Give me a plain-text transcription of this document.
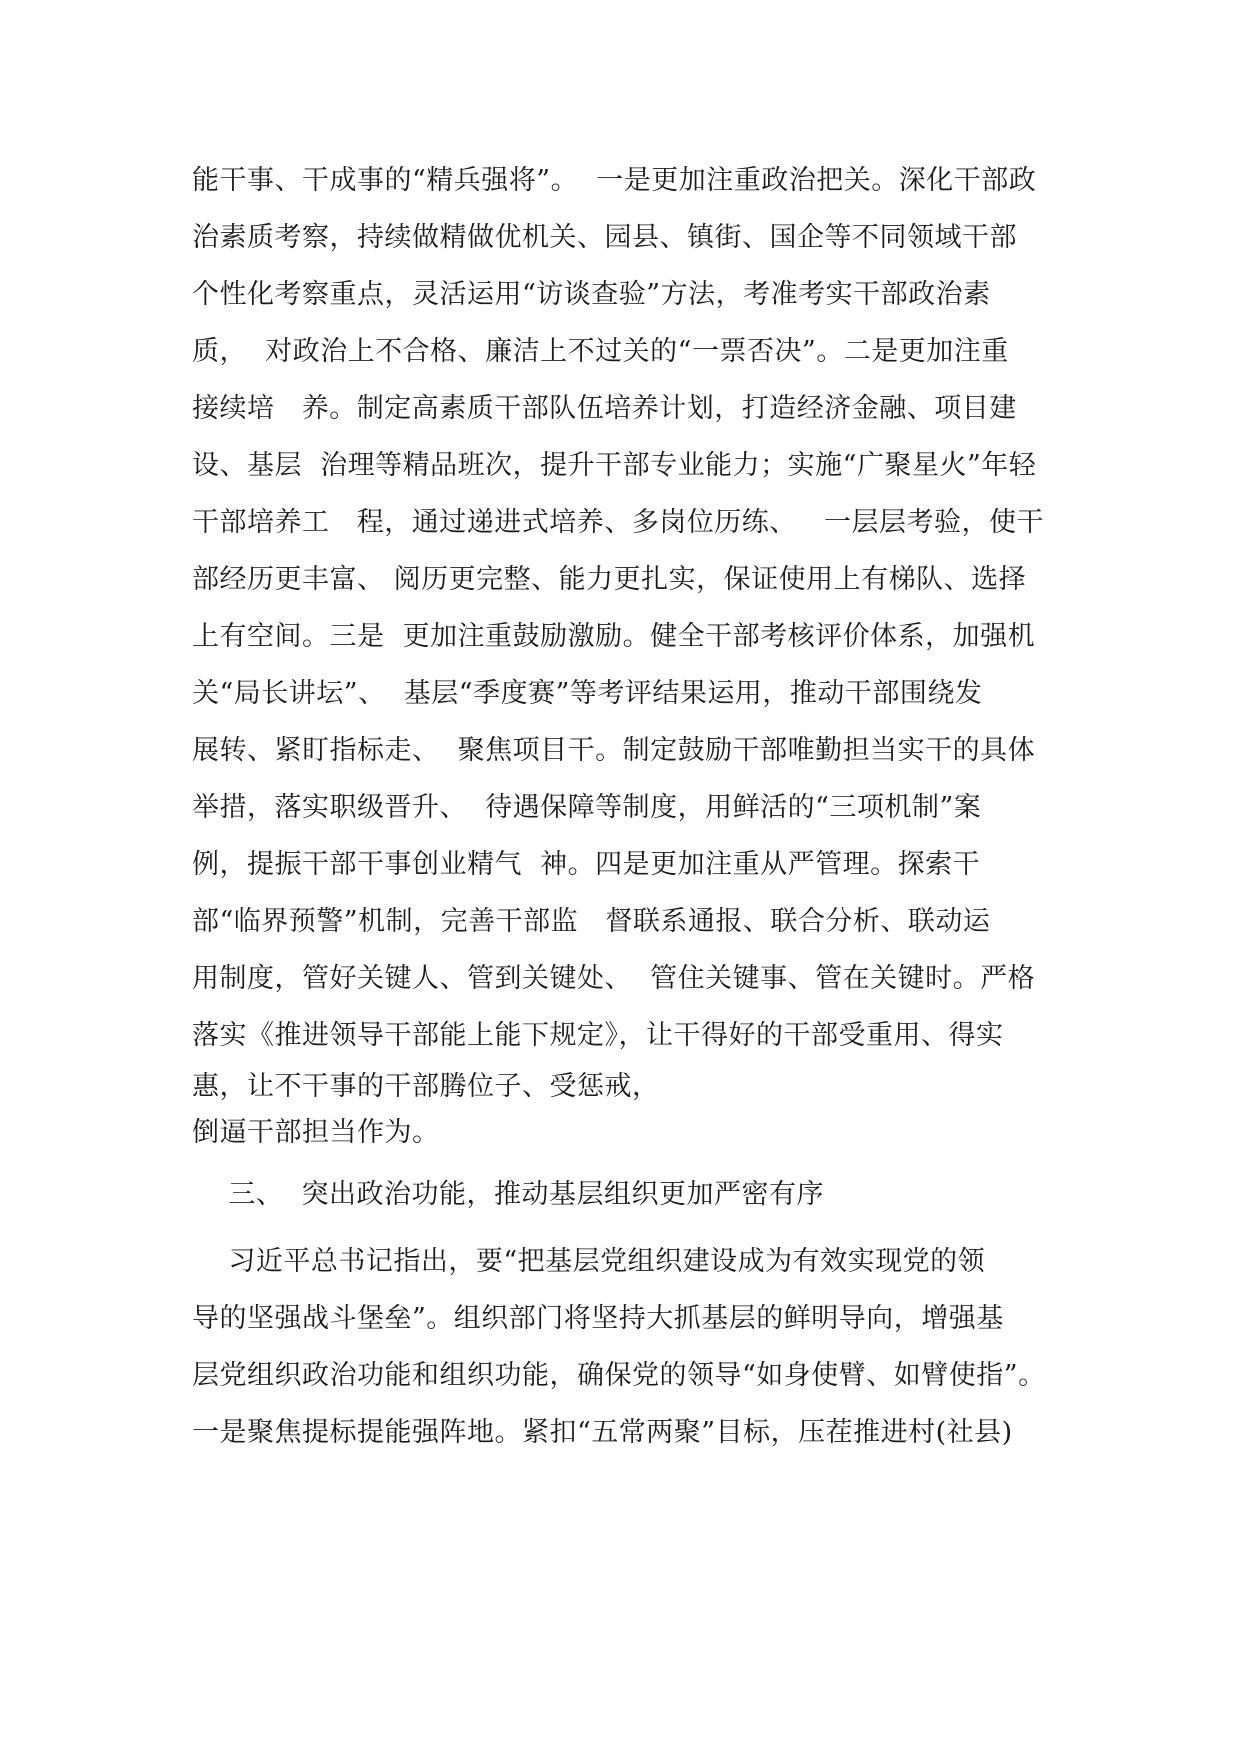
能干事、干成事的“精兵强将”。  一是更加注重政治把关。深化干部政
治素质考察，持续做精做优机关、园县、镇街、国企等不同领域干部
个性化考察重点，灵活运用“访谈查验”方法，考准考实干部政治素
质，  对政治上不合格、廉洁上不过关的“一票否决”。二是更加注重
接续培   养。制定高素质干部队伍培养计划，打造经济金融、项目建
设、基层  治理等精品班次，提升干部专业能力；实施“广聚星火”年轻
干部培养工   程，通过递进式培养、多岗位历练、   一层层考验，使干
部经历更丰富、 阅历更完整、能力更扎实，保证使用上有梯队、选择
上有空间。三是  更加注重鼓励激励。健全干部考核评价体系，加强机
关“局长讲坛”、  基层“季度赛”等考评结果运用，推动干部围绕发
展转、紧盯指标走、  聚焦项目干。制定鼓励干部唯勤担当实干的具体
举措，落实职级晋升、  待遇保障等制度，用鲜活的“三项机制”案
例，提振干部干事创业精气  神。四是更加注重从严管理。探索干
部“临界预警”机制，完善干部监   督联系通报、联合分析、联动运
用制度，管好关键人、管到关键处、  管住关键事、管在关键时。严格
落实《推进领导干部能上能下规定》，让干得好的干部受重用、得实
惠，让不干事的干部腾位子、受惩戒，
倒逼干部担当作为。
三、  突出政治功能，推动基层组织更加严密有序
习近平总书记指出，要“把基层党组织建设成为有效实现党的领
导的坚强战斗堡垒”。组织部门将坚持大抓基层的鲜明导向，增强基
层党组织政治功能和组织功能，确保党的领导“如身使臂、如臂使指”。
一是聚焦提标提能强阵地。紧扣“五常两聚”目标，压茬推进村(社县)
